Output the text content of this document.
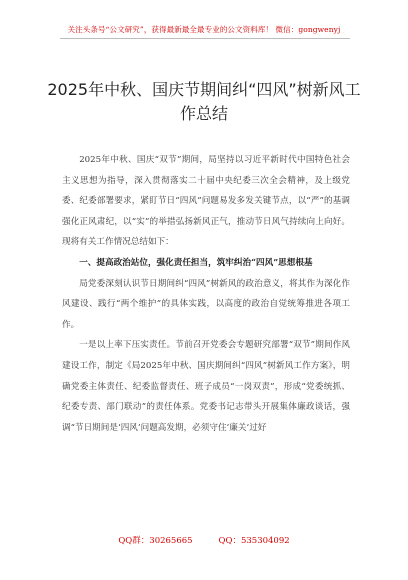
关注头条号“公文研究”，获得最新最全最专业的公文资料库！ 微信：gongwenyj
2025年中秋、国庆节期间纠“四风”树新风工作总结

2025年中秋、国庆“双节”期间，局坚持以习近平新时代中国特色社会主义思想为指导，深入贯彻落实二十届中央纪委三次全会精神，及上级党委、纪委部署要求，紧盯节日“四风”问题易发多发关键节点，以“严”的基调强化正风肃纪，以“实”的举措弘扬新风正气，推动节日风气持续向上向好。现将有关工作情况总结如下：

一、提高政治站位，强化责任担当，筑牢纠治“四风”思想根基

局党委深刻认识节日期间纠“四风”树新风的政治意义，将其作为深化作风建设、践行“两个维护”的具体实践，以高度的政治自觉统筹推进各项工作。

一是以上率下压实责任。节前召开党委会专题研究部署“双节”期间作风建设工作，制定《局2025年中秋、国庆期间纠“四风”树新风工作方案》，明确党委主体责任、纪委监督责任、班子成员“一岗双责”，形成“党委统抓、纪委专责、部门联动”的责任体系。党委书记志带头开展集体廉政谈话，强调“节日期间是‘四风’问题高发期，必须守住‘廉关’过好

QQ群：30265665	QQ：535304092
